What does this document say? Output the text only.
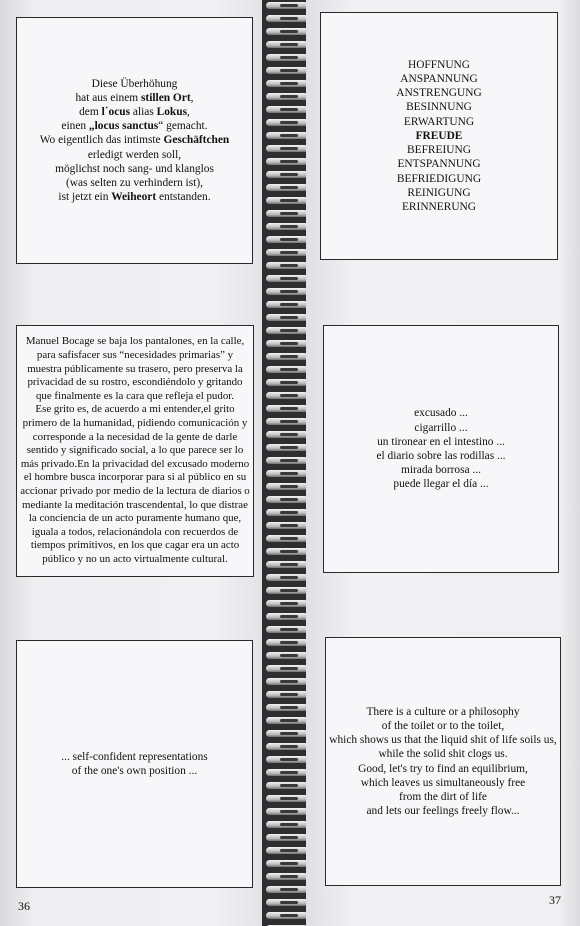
Diese Überhöhung
hat aus einem stillen Ort,
dem l´ocus alias Lokus,
einen „locus sanctus“ gemacht.
Wo eigentlich das intimste Geschäftchen
erledigt werden soll,
möglichst noch sang- und klanglos
(was selten zu verhindern ist),
ist jetzt ein Weiheort entstanden.
Manuel Bocage se baja los pantalones, en la calle,
para safisfacer sus “necesidades primarias” y
muestra públicamente su trasero, pero preserva la
privacidad de su rostro, escondiéndolo y gritando
que finalmente es la cara que refleja el pudor.
Ese grito es, de acuerdo a mi entender,el grito
primero de la humanidad, pidiendo comunicación y
corresponde a la necesidad de la gente de darle
sentido y significado social, a lo que parece ser lo
más privado.En la privacidad del excusado moderno
el hombre busca incorporar para si al público en su
accionar privado por medio de la lectura de diarios o
mediante la meditación trascendental, lo que distrae
la conciencia de un acto puramente humano que,
iguala a todos, relacionándola con recuerdos de
tiempos primitivos, en los que cagar era un acto
público y no un acto virtualmente cultural.
... self-confident representations
of the one's own position ...
36
HOFFNUNG
ANSPANNUNG
ANSTRENGUNG
BESINNUNG
ERWARTUNG
FREUDE
BEFREIUNG
ENTSPANNUNG
BEFRIEDIGUNG
REINIGUNG
ERINNERUNG
excusado ...
cigarrillo ...
un tironear en el intestino ...
el diario sobre las rodillas ...
mirada borrosa ...
puede llegar el día ...
There is a culture or a philosophy
of the toilet or to the toilet,
which shows us that the liquid shit of life soils us,
while the solid shit clogs us.
Good, let's try to find an equilibrium,
which leaves us simultaneously free
from the dirt of life
and lets our feelings freely flow...
37
